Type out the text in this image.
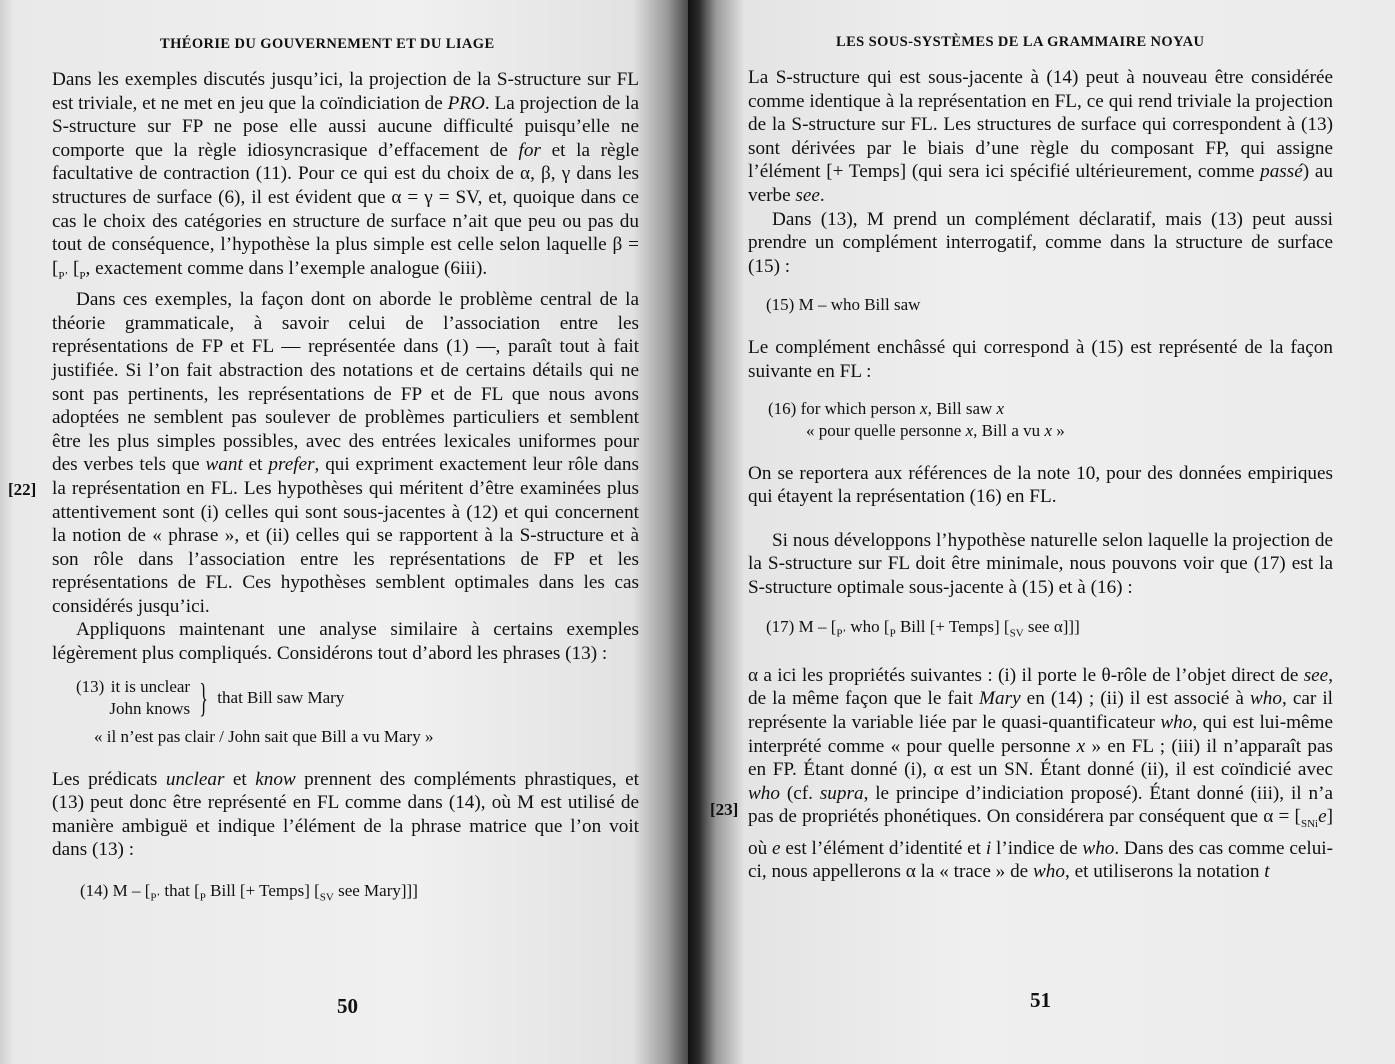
THÉORIE DU GOUVERNEMENT ET DU LIAGE

Dans les exemples discutés jusqu’ici, la projection de la S-structure sur FL est triviale, et ne met en jeu que la coïndiciation de PRO. La projection de la S-structure sur FP ne pose elle aussi aucune difficulté puisqu’elle ne comporte que la règle idiosyncrasique d’effacement de for et la règle facultative de contraction (11). Pour ce qui est du choix de α, β, γ dans les structures de surface (6), il est évident que α = γ = SV, et, quoique dans ce cas le choix des catégories en structure de surface n’ait que peu ou pas du tout de conséquence, l’hypothèse la plus simple est celle selon laquelle $\beta = [_{P’}$ [$_P$, exactement comme dans l’exemple analogue (6iii).

Dans ces exemples, la façon dont on aborde le problème central de la théorie grammaticale, à savoir celui de l’association entre les représentations de FP et FL — représentée dans (1) —, paraît tout à fait justifiée. Si l’on fait abstraction des notations et de certains détails qui ne sont pas pertinents, les représentations de FP et de FL que nous avons adoptées ne semblent pas soulever de problèmes particuliers et semblent être les plus simples possibles, avec des entrées lexicales uniformes pour des verbes tels que want et prefer, qui expriment exactement leur rôle dans la représentation en FL. Les hypothèses qui méritent d’être examinées plus attentivement sont (i) celles qui sont sous-jacentes à (12) et qui concernent la notion de « phrase », et (ii) celles qui se rapportent à la S-structure et à son rôle dans l’association entre les représentations de FP et les représentations de FL. Ces hypothèses semblent optimales dans les cas considérés jusqu’ici.

Appliquons maintenant une analyse similaire à certains exemples légèrement plus compliqués. Considérons tout d’abord les phrases (13) :

(13) it is unclear
John knows } that Bill saw Mary
« il n’est pas clair / John sait que Bill a vu Mary »

Les prédicats unclear et know prennent des compléments phrastiques, et (13) peut donc être représenté en FL comme dans (14), où M est utilisé de manière ambiguë et indique l’élément de la phrase matrice que l’on voit dans (13) :

(14) M – [$_{P’}$ that [$_P$ Bill [+ Temps] [$_{SV}$ see Mary]]]
[22]
50
LES SOUS-SYSTÈMES DE LA GRAMMAIRE NOYAU

La S-structure qui est sous-jacente à (14) peut à nouveau être considérée comme identique à la représentation en FL, ce qui rend triviale la projection de la S-structure sur FL. Les structures de surface qui correspondent à (13) sont dérivées par le biais d’une règle du composant FP, qui assigne l’élément [+ Temps] (qui sera ici spécifié ultérieurement, comme passé) au verbe see.

Dans (13), M prend un complément déclaratif, mais (13) peut aussi prendre un complément interrogatif, comme dans la structure de surface (15) :

(15) M – who Bill saw

Le complément enchâssé qui correspond à (15) est représenté de la façon suivante en FL :

(16) for which person x, Bill saw x
« pour quelle personne x, Bill a vu x »

On se reportera aux références de la note 10, pour des données empiriques qui étayent la représentation (16) en FL.

Si nous développons l’hypothèse naturelle selon laquelle la projection de la S-structure sur FL doit être minimale, nous pouvons voir que (17) est la S-structure optimale sous-jacente à (15) et à (16) :

(17) M – [$_{P’}$ who [$_P$ Bill [+ Temps] [$_{SV}$ see α]]]

α a ici les propriétés suivantes : (i) il porte le θ-rôle de l’objet direct de see, de la même façon que le fait Mary en (14) ; (ii) il est associé à who, car il représente la variable liée par le quasi-quantificateur who, qui est lui-même interprété comme « pour quelle personne x » en FL ; (iii) il n’apparaît pas en FP. Étant donné (i), α est un SN. Étant donné (ii), il est coïndicié avec who (cf. supra, le principe d’indiciation proposé). Étant donné (iii), il n’a pas de propriétés phonétiques. On considérera par conséquent que $\alpha = [_{SNi}e]$ où e est l’élément d’identité et i l’indice de who. Dans des cas comme celui-ci, nous appellerons α la « trace » de who, et utiliserons la notation t

[23]
51
